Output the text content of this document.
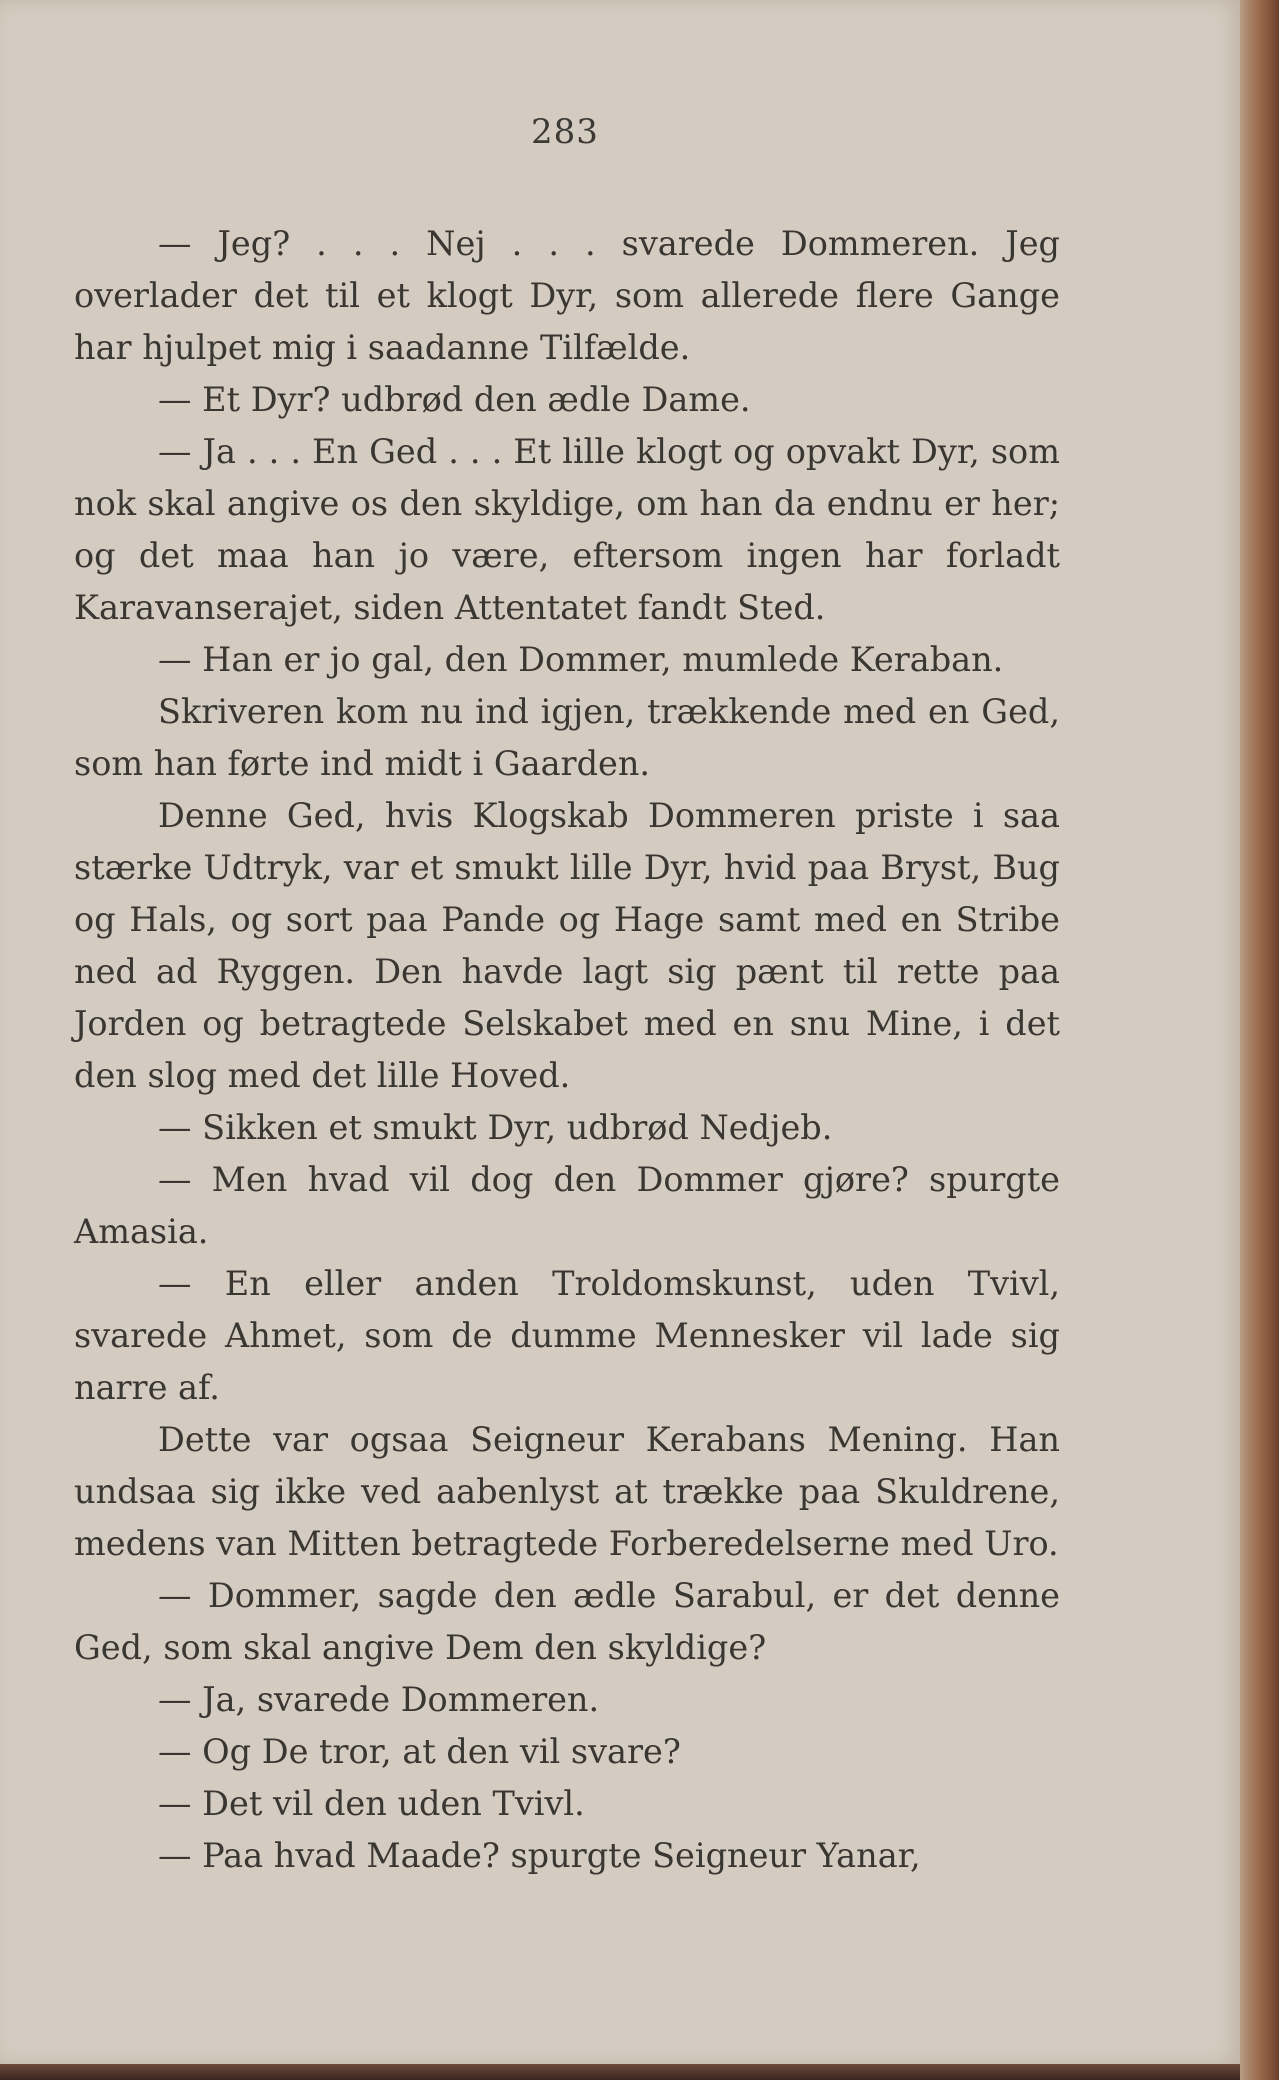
283

— Jeg? . . . Nej . . . svarede Dommeren. Jeg overlader det til et klogt Dyr, som allerede flere Gange har hjulpet mig i saadanne Tilfælde.

— Et Dyr? udbrød den ædle Dame.

— Ja . . . En Ged . . . Et lille klogt og opvakt Dyr, som nok skal angive os den skyldige, om han da endnu er her; og det maa han jo være, eftersom ingen har forladt Karavanserajet, siden Attentatet fandt Sted.

— Han er jo gal, den Dommer, mumlede Keraban.

Skriveren kom nu ind igjen, trækkende med en Ged, som han førte ind midt i Gaarden.

Denne Ged, hvis Klogskab Dommeren priste i saa stærke Udtryk, var et smukt lille Dyr, hvid paa Bryst, Bug og Hals, og sort paa Pande og Hage samt med en Stribe ned ad Ryggen. Den havde lagt sig pænt til rette paa Jorden og betragtede Selskabet med en snu Mine, i det den slog med det lille Hoved.

— Sikken et smukt Dyr, udbrød Nedjeb.

— Men hvad vil dog den Dommer gjøre? spurgte Amasia.

— En eller anden Troldomskunst, uden Tvivl, svarede Ahmet, som de dumme Mennesker vil lade sig narre af.

Dette var ogsaa Seigneur Kerabans Mening. Han undsaa sig ikke ved aabenlyst at trække paa Skuldrene, medens van Mitten betragtede Forberedelserne med Uro.

— Dommer, sagde den ædle Sarabul, er det denne Ged, som skal angive Dem den skyldige?

— Ja, svarede Dommeren.

— Og De tror, at den vil svare?

— Det vil den uden Tvivl.

— Paa hvad Maade? spurgte Seigneur Yanar,
